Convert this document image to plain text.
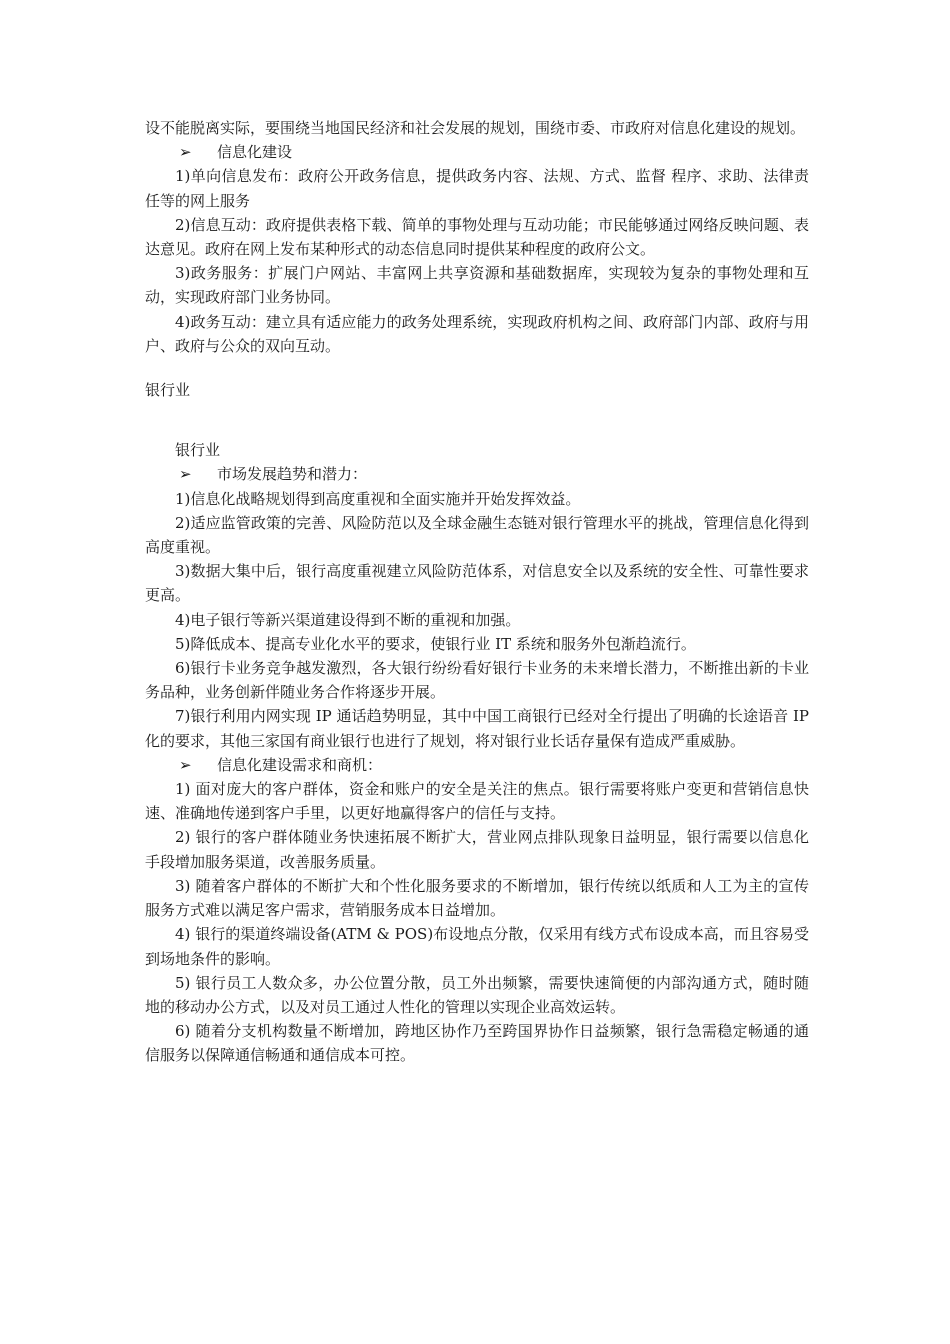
设不能脱离实际，要围绕当地国民经济和社会发展的规划，围绕市委、市政府对信息化建设的规划。

➢ 信息化建设

1)单向信息发布：政府公开政务信息，提供政务内容、法规、方式、监督 程序、求助、法律责任等的网上服务

2)信息互动：政府提供表格下载、简单的事物处理与互动功能；市民能够通过网络反映问题、表达意见。政府在网上发布某种形式的动态信息同时提供某种程度的政府公文。

3)政务服务：扩展门户网站、丰富网上共享资源和基础数据库，实现较为复杂的事物处理和互动，实现政府部门业务协同。

4)政务互动：建立具有适应能力的政务处理系统，实现政府机构之间、政府部门内部、政府与用户、政府与公众的双向互动。

银行业

银行业

➢ 市场发展趋势和潜力：

1)信息化战略规划得到高度重视和全面实施并开始发挥效益。

2)适应监管政策的完善、风险防范以及全球金融生态链对银行管理水平的挑战，管理信息化得到高度重视。

3)数据大集中后，银行高度重视建立风险防范体系，对信息安全以及系统的安全性、可靠性要求更高。

4)电子银行等新兴渠道建设得到不断的重视和加强。

5)降低成本、提高专业化水平的要求，使银行业 IT 系统和服务外包渐趋流行。

6)银行卡业务竞争越发激烈，各大银行纷纷看好银行卡业务的未来增长潜力，不断推出新的卡业务品种，业务创新伴随业务合作将逐步开展。

7)银行利用内网实现 IP 通话趋势明显，其中中国工商银行已经对全行提出了明确的长途语音 IP 化的要求，其他三家国有商业银行也进行了规划，将对银行业长话存量保有造成严重威胁。

➢ 信息化建设需求和商机：

1) 面对庞大的客户群体，资金和账户的安全是关注的焦点。银行需要将账户变更和营销信息快速、准确地传递到客户手里，以更好地赢得客户的信任与支持。

2) 银行的客户群体随业务快速拓展不断扩大，营业网点排队现象日益明显，银行需要以信息化手段增加服务渠道，改善服务质量。

3) 随着客户群体的不断扩大和个性化服务要求的不断增加，银行传统以纸质和人工为主的宣传服务方式难以满足客户需求，营销服务成本日益增加。

4) 银行的渠道终端设备(ATM & POS)布设地点分散，仅采用有线方式布设成本高，而且容易受到场地条件的影响。

5) 银行员工人数众多，办公位置分散，员工外出频繁，需要快速简便的内部沟通方式，随时随地的移动办公方式，以及对员工通过人性化的管理以实现企业高效运转。

6) 随着分支机构数量不断增加，跨地区协作乃至跨国界协作日益频繁，银行急需稳定畅通的通信服务以保障通信畅通和通信成本可控。
